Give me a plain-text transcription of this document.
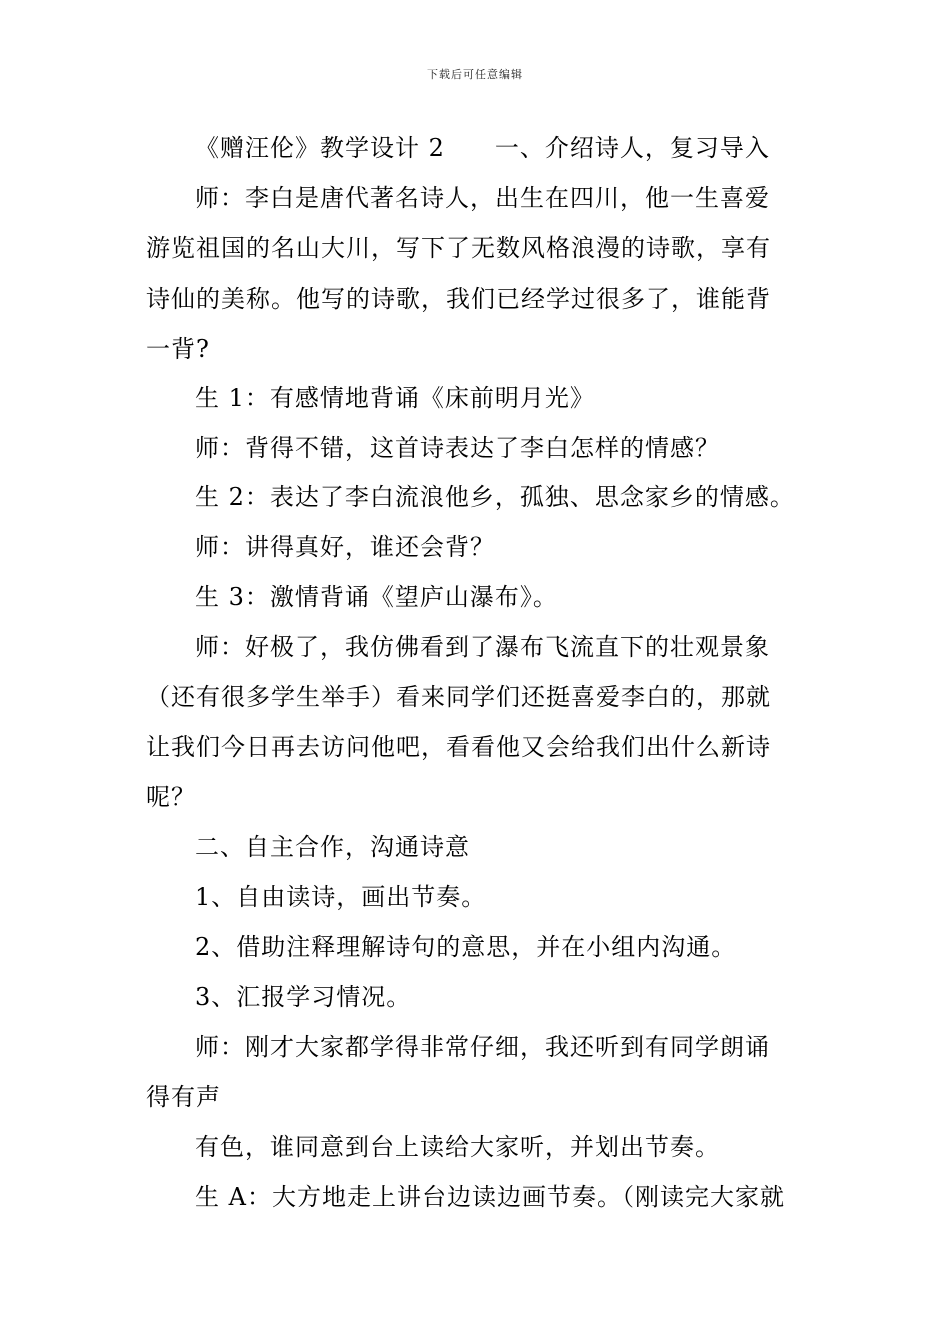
下载后可任意编辑
《赠汪伦》教学设计 2　　一、介绍诗人，复习导入
师：李白是唐代著名诗人，出生在四川，他一生喜爱
游览祖国的名山大川，写下了无数风格浪漫的诗歌，享有
诗仙的美称。他写的诗歌，我们已经学过很多了，谁能背
一背?
生 1：有感情地背诵《床前明月光》
师：背得不错，这首诗表达了李白怎样的情感？
生 2：表达了李白流浪他乡，孤独、思念家乡的情感。
师：讲得真好，谁还会背？
生 3：激情背诵《望庐山瀑布》。
师：好极了，我仿佛看到了瀑布飞流直下的壮观景象
（还有很多学生举手）看来同学们还挺喜爱李白的，那就
让我们今日再去访问他吧，看看他又会给我们出什么新诗
呢？
二、自主合作，沟通诗意
1、自由读诗，画出节奏。
2、借助注释理解诗句的意思，并在小组内沟通。
3、汇报学习情况。
师：刚才大家都学得非常仔细，我还听到有同学朗诵
得有声
有色，谁同意到台上读给大家听，并划出节奏。
生 A：大方地走上讲台边读边画节奏。（刚读完大家就
